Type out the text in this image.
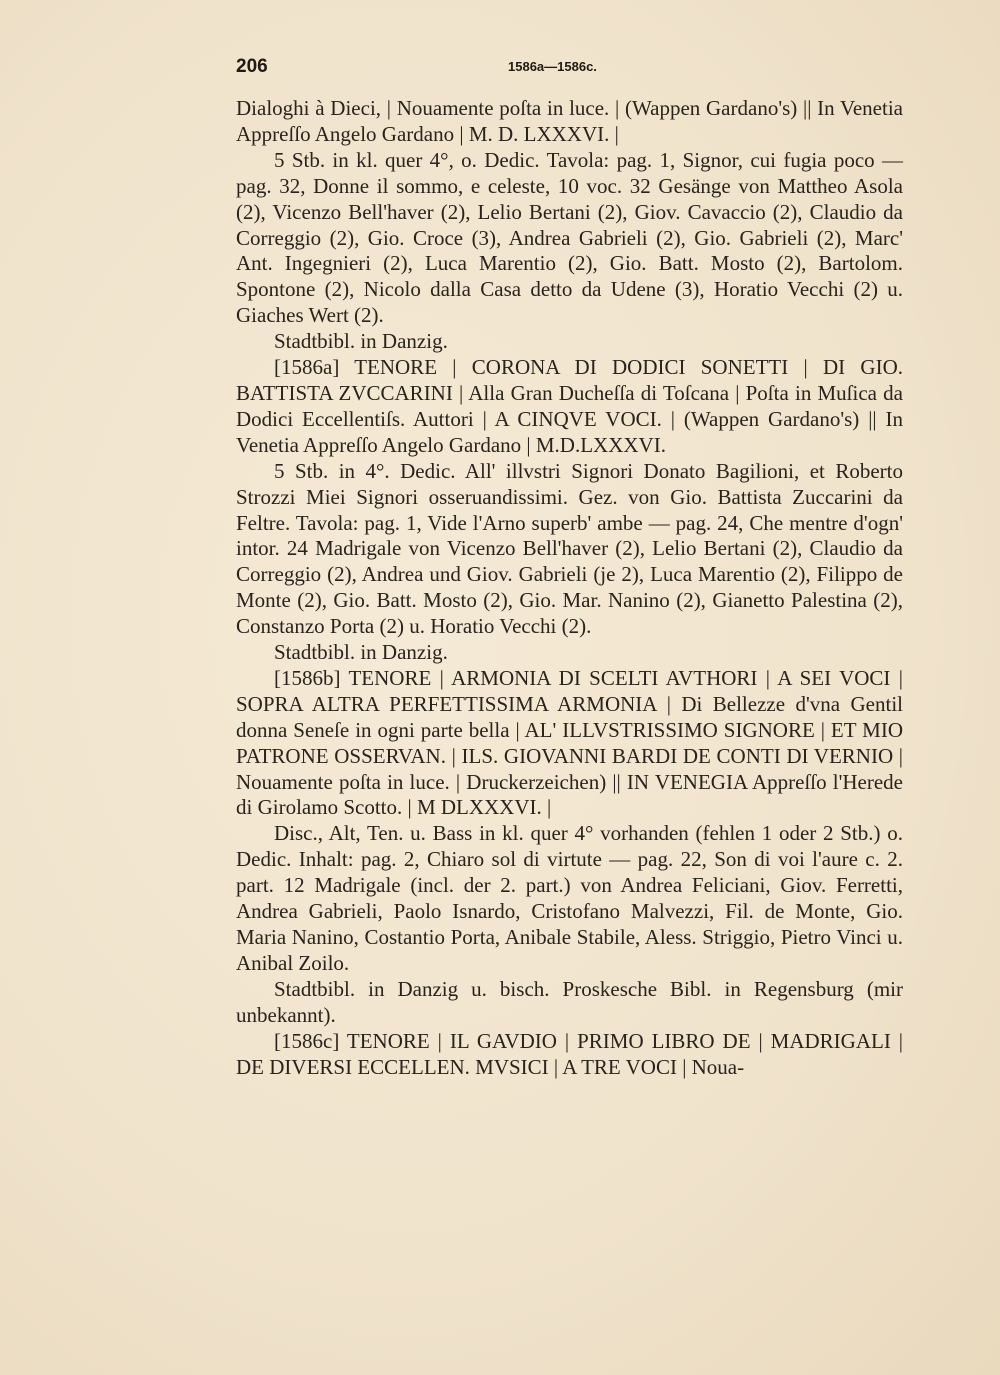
206	1586a—1586c.

Dialoghi à Dieci, | Nouamente poſta in luce. | (Wappen Gardano's) || In Venetia Appreſſo Angelo Gardano | M. D. LXXXVI. |

5 Stb. in kl. quer 4°, o. Dedic. Tavola: pag. 1, Signor, cui fugia poco — pag. 32, Donne il sommo, e celeste, 10 voc. 32 Gesänge von Mattheo Asola (2), Vicenzo Bell'haver (2), Lelio Bertani (2), Giov. Cavaccio (2), Claudio da Correggio (2), Gio. Croce (3), Andrea Gabrieli (2), Gio. Gabrieli (2), Marc' Ant. Ingegnieri (2), Luca Marentio (2), Gio. Batt. Mosto (2), Bartolom. Spontone (2), Nicolo dalla Casa detto da Udene (3), Horatio Vecchi (2) u. Giaches Wert (2).

Stadtbibl. in Danzig.

[1586a] TENORE | CORONA DI DODICI SONETTI | DI GIO. BATTISTA ZVCCARINI | Alla Gran Ducheſſa di Toſcana | Poſta in Muſica da Dodici Eccellentiſs. Auttori | A CINQVE VOCI. | (Wappen Gardano's) || In Venetia Appreſſo Angelo Gardano | M.D.LXXXVI.

5 Stb. in 4°. Dedic. All' illvstri Signori Donato Bagilioni, et Roberto Strozzi Miei Signori osseruandissimi. Gez. von Gio. Battista Zuccarini da Feltre. Tavola: pag. 1, Vide l'Arno superb' ambe — pag. 24, Che mentre d'ogn' intor. 24 Madrigale von Vicenzo Bell'haver (2), Lelio Bertani (2), Claudio da Correggio (2), Andrea und Giov. Gabrieli (je 2), Luca Marentio (2), Filippo de Monte (2), Gio. Batt. Mosto (2), Gio. Mar. Nanino (2), Gianetto Palestina (2), Constanzo Porta (2) u. Horatio Vecchi (2).

Stadtbibl. in Danzig.

[1586b] TENORE | ARMONIA DI SCELTI AVTHORI | A SEI VOCI | SOPRA ALTRA PERFETTISSIMA ARMONIA | Di Bellezze d'vna Gentil donna Seneſe in ogni parte bella | AL' ILLVSTRISSIMO SIGNORE | ET MIO PATRONE OSSERVAN. | ILS. GIOVANNI BARDI DE CONTI DI VERNIO | Nouamente poſta in luce. | Druckerzeichen) || IN VENEGIA Appreſſo l'Herede di Girolamo Scotto. | M DLXXXVI. |

Disc., Alt, Ten. u. Bass in kl. quer 4° vorhanden (fehlen 1 oder 2 Stb.) o. Dedic. Inhalt: pag. 2, Chiaro sol di virtute — pag. 22, Son di voi l'aure c. 2. part. 12 Madrigale (incl. der 2. part.) von Andrea Feliciani, Giov. Ferretti, Andrea Gabrieli, Paolo Isnardo, Cristofano Malvezzi, Fil. de Monte, Gio. Maria Nanino, Costantio Porta, Anibale Stabile, Aless. Striggio, Pietro Vinci u. Anibal Zoilo.

Stadtbibl. in Danzig u. bisch. Proskesche Bibl. in Regensburg (mir unbekannt).

[1586c] TENORE | IL GAVDIO | PRIMO LIBRO DE | MADRIGALI | DE DIVERSI ECCELLEN. MVSICI | A TRE VOCI | Noua-
